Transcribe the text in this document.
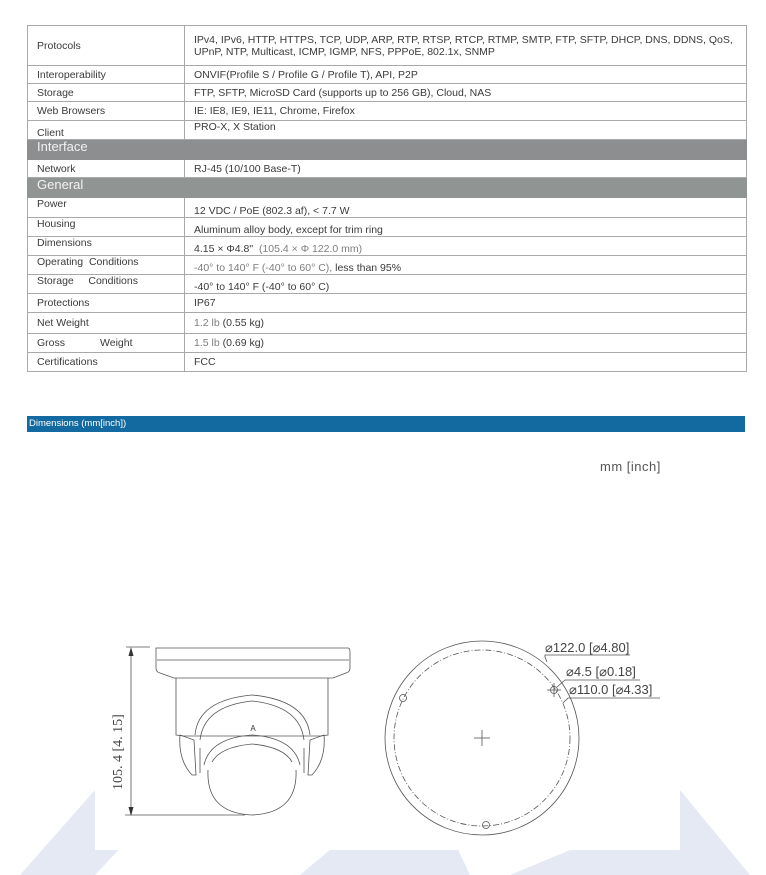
Protocols	IPv4, IPv6, HTTP, HTTPS, TCP, UDP, ARP, RTP, RTSP, RTCP, RTMP, SMTP, FTP, SFTP, DHCP, DNS, DDNS, QoS, UPnP, NTP, Multicast, ICMP, IGMP, NFS, PPPoE, 802.1x, SNMP
Interoperability	ONVIF(Profile S / Profile G / Profile T), API, P2P
Storage	FTP, SFTP, MicroSD Card (supports up to 256 GB), Cloud, NAS
Web Browsers	IE: IE8, IE9, IE11, Chrome, Firefox
Client	PRO-X, X Station
Interface	
Network	RJ-45 (10/100 Base-T)
General	
Power	12 VDC / PoE (802.3 af), < 7.7 W
Housing	Aluminum alloy body, except for trim ring
Dimensions	4.15 × Φ4.8" (105.4 × Φ 122.0 mm)
Operating  Conditions	-40° to 140° F (-40° to 60° C), less than 95%
Storage     Conditions	-40° to 140° F (-40° to 60° C)
Protections	IP67
Net Weight	1.2 lb (0.55 kg)
Gross            Weight	1.5 lb (0.69 kg)
Certifications	FCC
Dimensions (mm[inch])
mm [inch]
A
105. 4 [4. 15]
⌀122.0 [⌀4.80]
⌀4.5 [⌀0.18]
⌀110.0 [⌀4.33]
